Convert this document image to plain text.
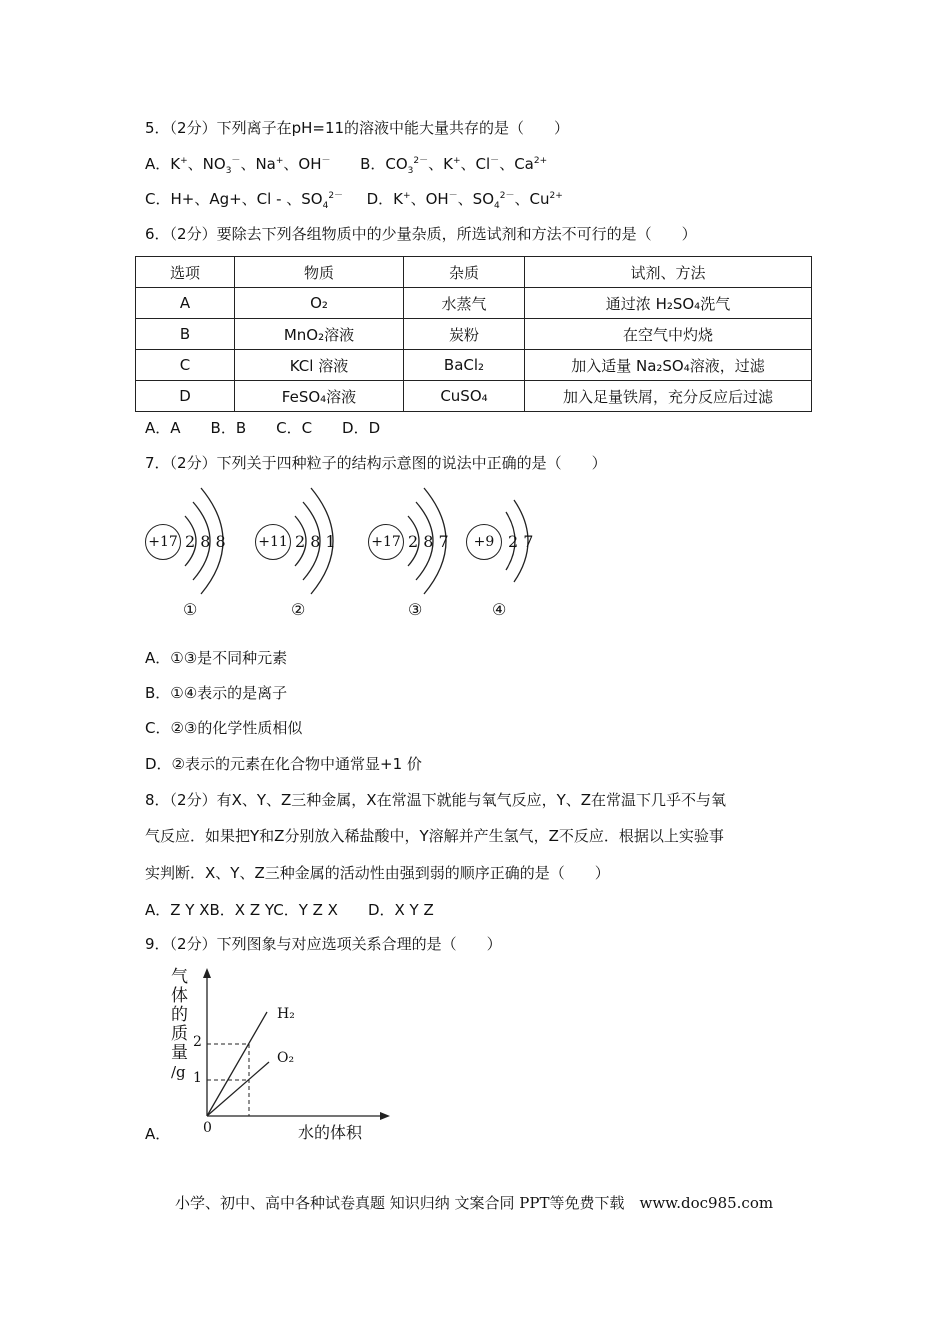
5．（2分）下列离子在pH=11的溶液中能大量共存的是（　　）
A．K+、$NO_3^-$、Na+、OH－ B．$CO_3^{2-}$、K+、Cl－、$Ca^{2+}$
C．H+、Ag+、Cl - 、$SO_4^{2-}$ D．K+、OH－、$SO_4^{2-}$、$Cu^{2+}$
6．（2分）要除去下列各组物质中的少量杂质，所选试剂和方法不可行的是（　　）
选项	物质	杂质	试剂、方法
A	O₂	水蒸气	通过浓 H₂SO₄洗气
B	MnO₂溶液	炭粉	在空气中灼烧
C	KCl 溶液	BaCl₂	加入适量 Na₂SO₄溶液，过滤
D	FeSO₄溶液	CuSO₄	加入足量铁屑，充分反应后过滤
A．A　　B．B　　C．C　　D．D
7．（2分）下列关于四种粒子的结构示意图的说法中正确的是（　　）
+17 2 8 8
①
+11 2 8 1
②
+17 2 8 7
③
+9 2 7
④
A．①③是不同种元素
B．①④表示的是离子
C．②③的化学性质相似
D．②表示的元素在化合物中通常显+1 价
8．（2分）有X、Y、Z三种金属，X在常温下就能与氧气反应，Y、Z在常温下几乎不与氧
气反应．如果把Y和Z分别放入稀盐酸中，Y溶解并产生氢气，Z不反应．根据以上实验事
实判断．X、Y、Z三种金属的活动性由强到弱的顺序正确的是（　　）
A．Z Y XB．X Z YC．Y Z X　　D．X Y Z
9．（2分）下列图象与对应选项关系合理的是（　　）
A．
气
体
的
质
量
/g
2
1
0	水的体积
H₂
O₂
小学、初中、高中各种试卷真题 知识归纳 文案合同 PPT等免费下载　www.doc985.com
